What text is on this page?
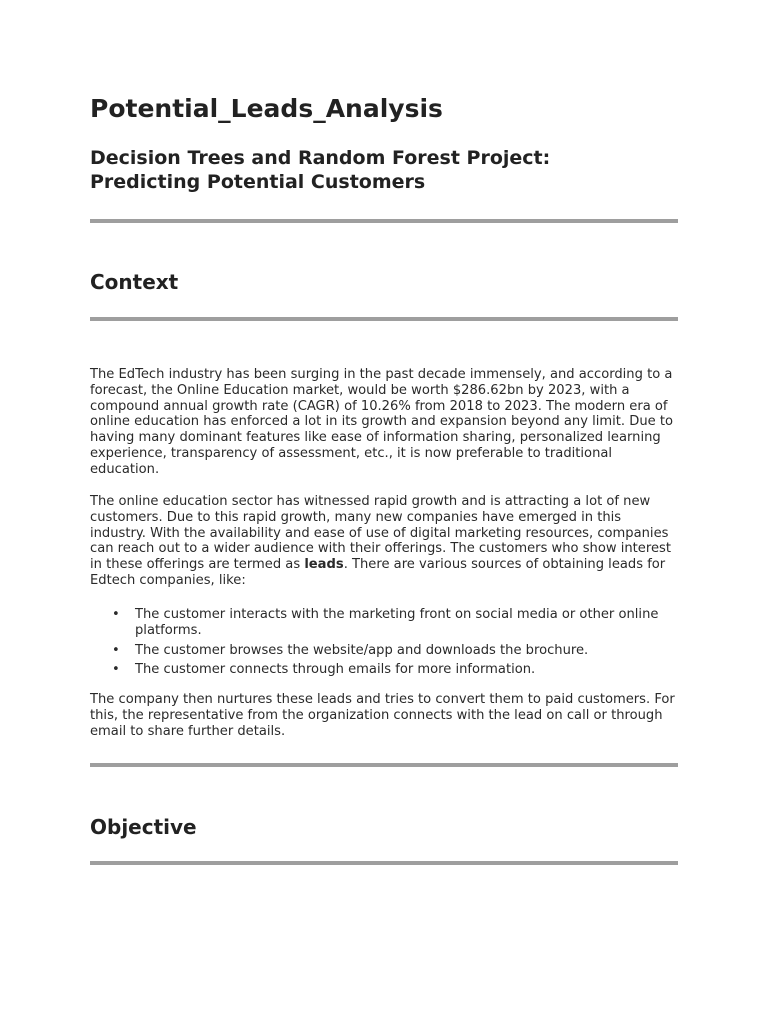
Potential_Leads_Analysis
Decision Trees and Random Forest Project:
Predicting Potential Customers
Context

The EdTech industry has been surging in the past decade immensely, and according to a forecast, the Online Education market, would be worth $286.62bn by 2023, with a compound annual growth rate (CAGR) of 10.26% from 2018 to 2023. The modern era of online education has enforced a lot in its growth and expansion beyond any limit. Due to having many dominant features like ease of information sharing, personalized learning experience, transparency of assessment, etc., it is now preferable to traditional education.

The online education sector has witnessed rapid growth and is attracting a lot of new customers. Due to this rapid growth, many new companies have emerged in this industry. With the availability and ease of use of digital marketing resources, companies can reach out to a wider audience with their offerings. The customers who show interest in these offerings are termed as leads. There are various sources of obtaining leads for Edtech companies, like:

• The customer interacts with the marketing front on social media or other online platforms.
• The customer browses the website/app and downloads the brochure.
• The customer connects through emails for more information.

The company then nurtures these leads and tries to convert them to paid customers. For this, the representative from the organization connects with the lead on call or through email to share further details.

Objective
